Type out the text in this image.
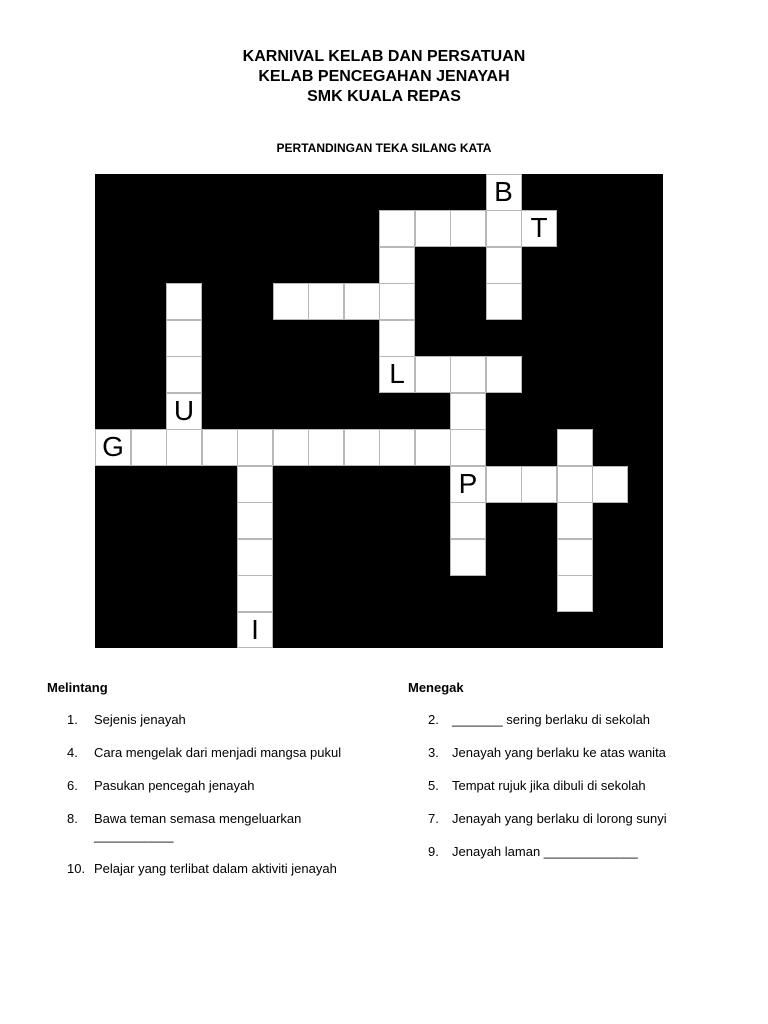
KARNIVAL KELAB DAN PERSATUAN
KELAB PENCEGAHAN JENAYAH
SMK KUALA REPAS
PERTANDINGAN TEKA SILANG KATA
B
T
L
U
G
P
I
Melintang
1. Sejenis jenayah
4. Cara mengelak dari menjadi mangsa pukul
6. Pasukan pencegah jenayah
8. Bawa teman semasa mengeluarkan ___________
10. Pelajar yang terlibat dalam aktiviti jenayah
Menegak
2. _______ sering berlaku di sekolah
3. Jenayah yang berlaku ke atas wanita
5. Tempat rujuk jika dibuli di sekolah
7. Jenayah yang berlaku di lorong sunyi
9. Jenayah laman _____________
